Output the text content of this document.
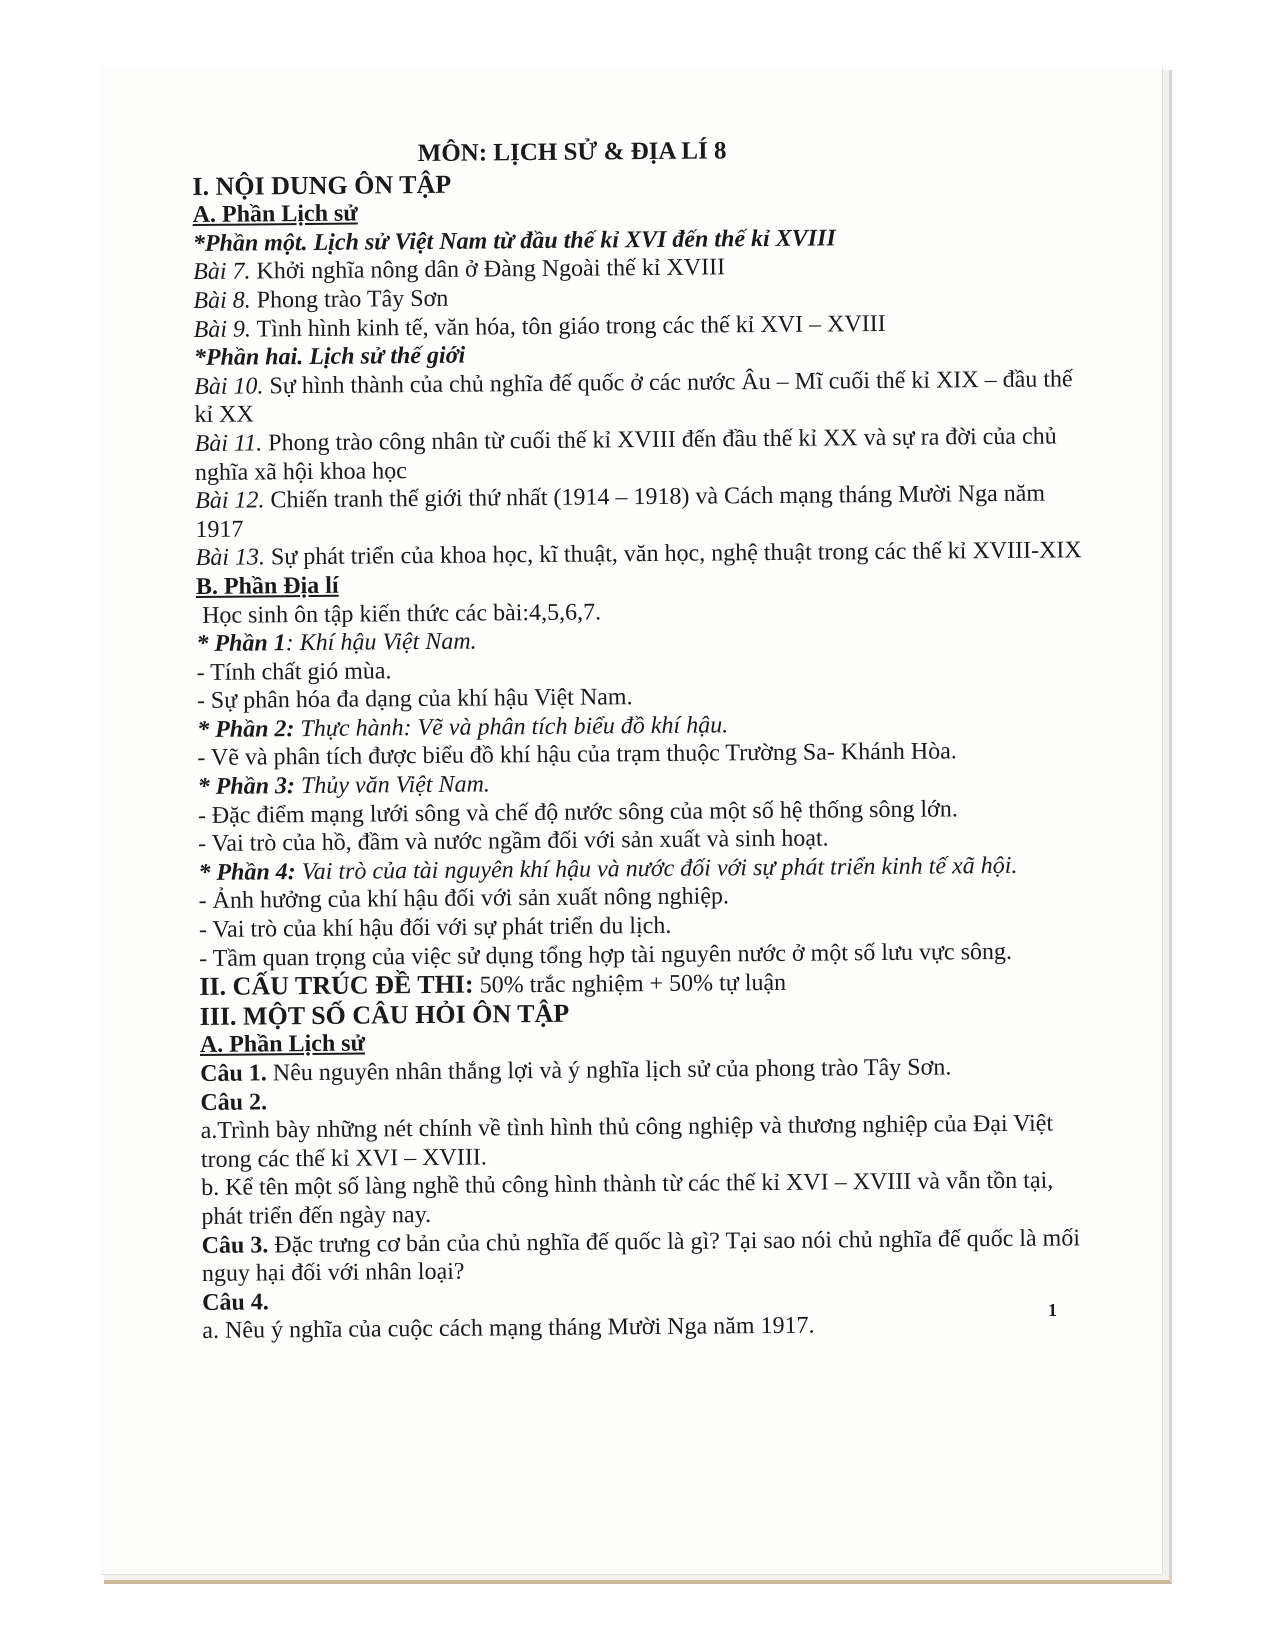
MÔN: LỊCH SỬ & ĐỊA LÍ 8
I. NỘI DUNG ÔN TẬP
A. Phần Lịch sử
*Phần một. Lịch sử Việt Nam từ đầu thế kỉ XVI đến thế kỉ XVIII
Bài 7. Khởi nghĩa nông dân ở Đàng Ngoài thế kỉ XVIII
Bài 8. Phong trào Tây Sơn
Bài 9. Tình hình kinh tế, văn hóa, tôn giáo trong các thế kỉ XVI – XVIII
*Phần hai. Lịch sử thế giới
Bài 10. Sự hình thành của chủ nghĩa đế quốc ở các nước Âu – Mĩ cuối thế kỉ XIX – đầu thế
kỉ XX
Bài 11. Phong trào công nhân từ cuối thế kỉ XVIII đến đầu thế kỉ XX và sự ra đời của chủ
nghĩa xã hội khoa học
Bài 12. Chiến tranh thế giới thứ nhất (1914 – 1918) và Cách mạng tháng Mười Nga năm
1917
Bài 13. Sự phát triển của khoa học, kĩ thuật, văn học, nghệ thuật trong các thế kỉ XVIII-XIX
B. Phần Địa lí
Học sinh ôn tập kiến thức các bài:4,5,6,7.
* Phần 1: Khí hậu Việt Nam.
- Tính chất gió mùa.
- Sự phân hóa đa dạng của khí hậu Việt Nam.
* Phần 2: Thực hành: Vẽ và phân tích biểu đồ khí hậu.
- Vẽ và phân tích được biểu đồ khí hậu của trạm thuộc Trường Sa- Khánh Hòa.
* Phần 3: Thủy văn Việt Nam.
- Đặc điểm mạng lưới sông và chế độ nước sông của một số hệ thống sông lớn.
- Vai trò của hồ, đầm và nước ngầm đối với sản xuất và sinh hoạt.
* Phần 4: Vai trò của tài nguyên khí hậu và nước đối với sự phát triển kinh tế xã hội.
- Ảnh hưởng của khí hậu đối với sản xuất nông nghiệp.
- Vai trò của khí hậu đối với sự phát triển du lịch.
- Tầm quan trọng của việc sử dụng tổng hợp tài nguyên nước ở một số lưu vực sông.
II. CẤU TRÚC ĐỀ THI: 50% trắc nghiệm + 50% tự luận
III. MỘT SỐ CÂU HỎI ÔN TẬP
A. Phần Lịch sử
Câu 1. Nêu nguyên nhân thắng lợi và ý nghĩa lịch sử của phong trào Tây Sơn.
Câu 2.
a.Trình bày những nét chính về tình hình thủ công nghiệp và thương nghiệp của Đại Việt
trong các thế kỉ XVI – XVIII.
b. Kể tên một số làng nghề thủ công hình thành từ các thế kỉ XVI – XVIII và vẫn tồn tại,
phát triển đến ngày nay.
Câu 3. Đặc trưng cơ bản của chủ nghĩa đế quốc là gì? Tại sao nói chủ nghĩa đế quốc là mối
nguy hại đối với nhân loại?
Câu 4.
a. Nêu ý nghĩa của cuộc cách mạng tháng Mười Nga năm 1917.
1
